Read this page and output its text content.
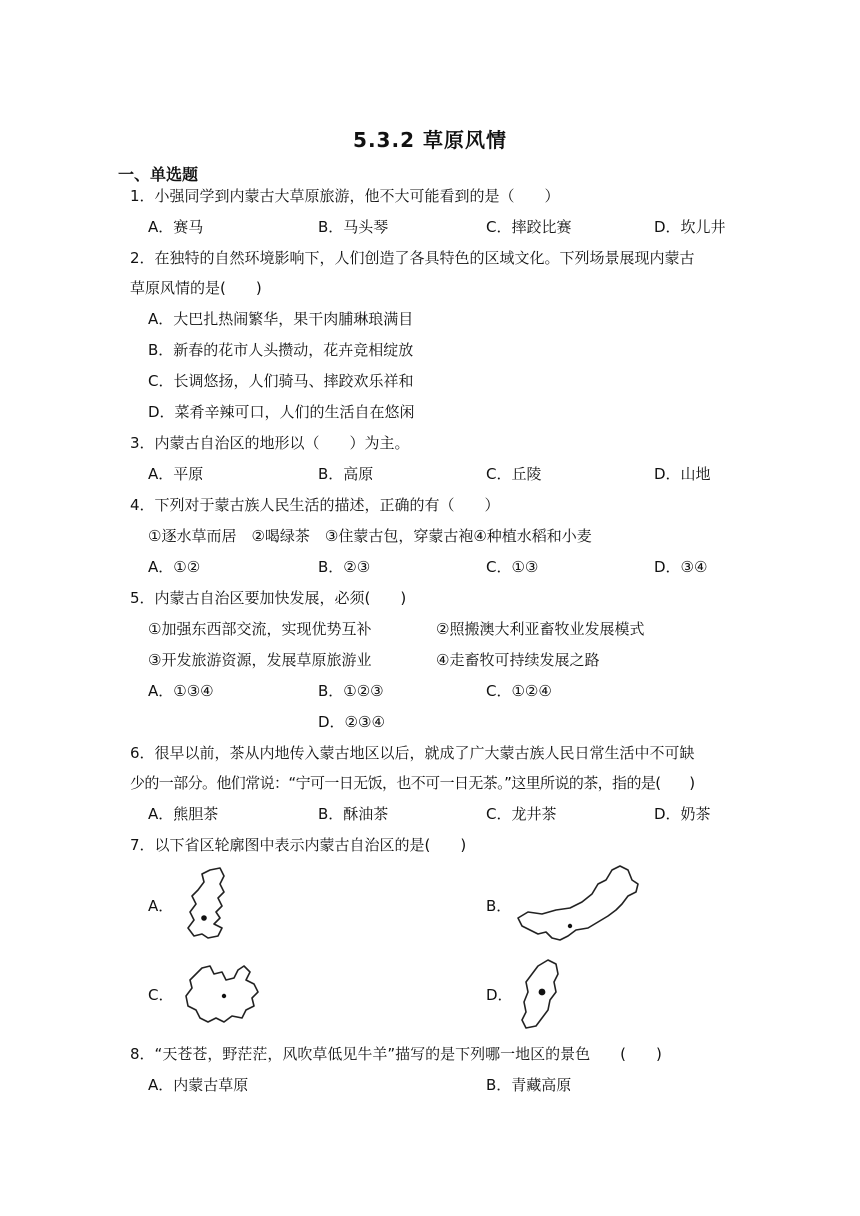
5.3.2 草原风情
一、单选题
1．小强同学到内蒙古大草原旅游，他不大可能看到的是（　　）
A．赛马	B．马头琴	C．摔跤比赛	D．坎儿井
2．在独特的自然环境影响下，人们创造了各具特色的区域文化。下列场景展现内蒙古
草原风情的是(　　)
A．大巴扎热闹繁华，果干肉脯琳琅满目
B．新春的花市人头攒动，花卉竞相绽放
C．长调悠扬，人们骑马、摔跤欢乐祥和
D．菜肴辛辣可口，人们的生活自在悠闲
3．内蒙古自治区的地形以（　　）为主。
A．平原	B．高原	C．丘陵	D．山地
4．下列对于蒙古族人民生活的描述，正确的有（　　）
①逐水草而居　②喝绿茶　③住蒙古包，穿蒙古袍④种植水稻和小麦
A．①②	B．②③	C．①③	D．③④
5．内蒙古自治区要加快发展，必须(　　)
①加强东西部交流，实现优势互补	②照搬澳大利亚畜牧业发展模式
③开发旅游资源，发展草原旅游业	④走畜牧可持续发展之路
A．①③④	B．①②③	C．①②④
D．②③④
6．很早以前，茶从内地传入蒙古地区以后，就成了广大蒙古族人民日常生活中不可缺
少的一部分。他们常说：“宁可一日无饭，也不可一日无茶。”这里所说的茶，指的是(　　)
A．熊胆茶	B．酥油茶	C．龙井茶	D．奶茶
7．以下省区轮廓图中表示内蒙古自治区的是(　　)
A．	B．
C．	D．
8．“天苍苍，野茫茫，风吹草低见牛羊”描写的是下列哪一地区的景色　　(　　)
A．内蒙古草原	B．青藏高原
